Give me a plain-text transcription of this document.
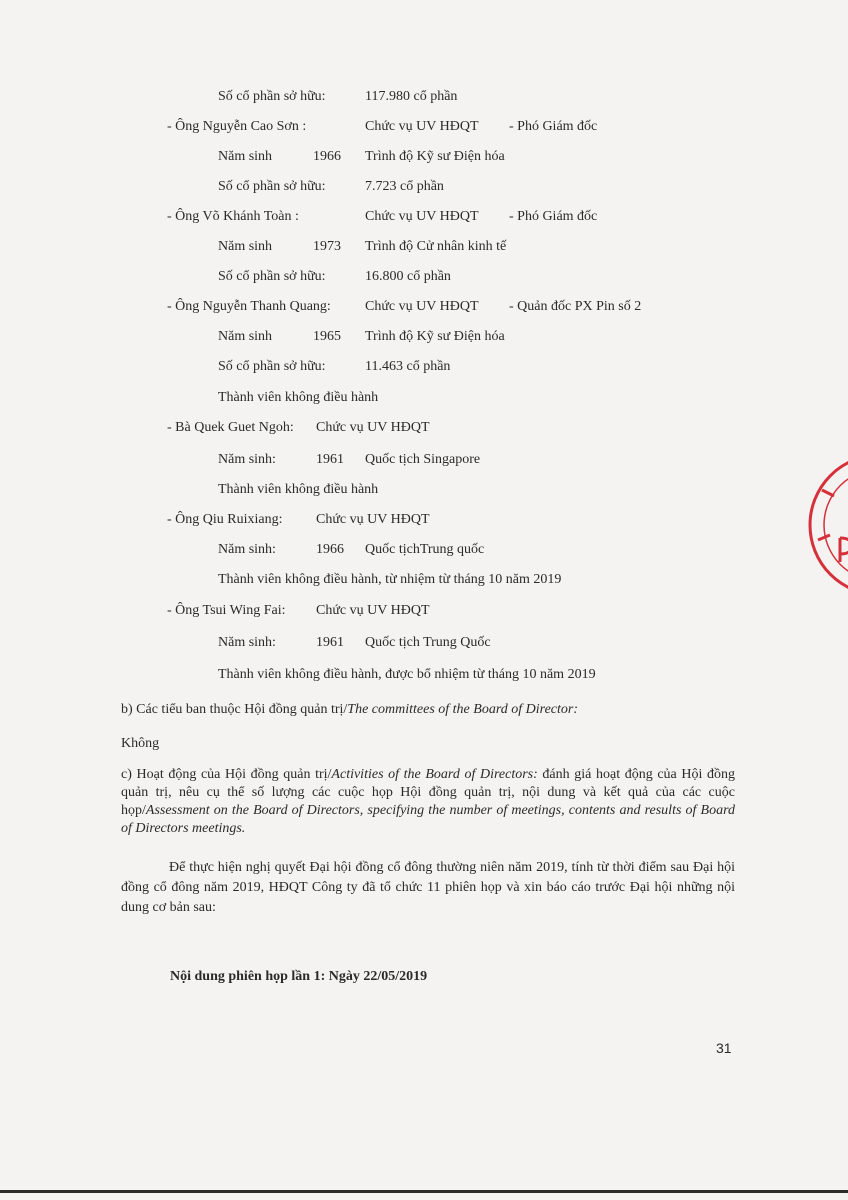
Số cổ phần sở hữu:	117.980 cổ phần
- Ông Nguyễn Cao Sơn :	Chức vụ UV HĐQT - Phó Giám đốc
Năm sinh	1966 Trình độ Kỹ sư Điện hóa
Số cổ phần sở hữu:	7.723 cổ phần
- Ông Võ Khánh Toàn :	Chức vụ UV HĐQT - Phó Giám đốc
Năm sinh	1973 Trình độ Cử nhân kinh tế
Số cổ phần sở hữu:	16.800 cổ phần
- Ông Nguyễn Thanh Quang: Chức vụ UV HĐQT - Quản đốc PX Pin số 2
Năm sinh	1965 Trình độ Kỹ sư Điện hóa
Số cổ phần sở hữu:	11.463 cổ phần
Thành viên không điều hành
- Bà Quek Guet Ngoh: Chức vụ UV HĐQT
Năm sinh:	1961 Quốc tịch Singapore
Thành viên không điều hành
- Ông Qiu Ruixiang: Chức vụ UV HĐQT
Năm sinh:	1966 Quốc tịchTrung quốc
Thành viên không điều hành, từ nhiệm từ tháng 10 năm 2019
- Ông Tsui Wing Fai: Chức vụ UV HĐQT
Năm sinh:	1961 Quốc tịch Trung Quốc
Thành viên không điều hành, được bổ nhiệm từ tháng 10 năm 2019
b) Các tiểu ban thuộc Hội đồng quản trị/The committees of the Board of Director:
Không
c) Hoạt động của Hội đồng quản trị/Activities of the Board of Directors: đánh giá hoạt động của Hội đồng quản trị, nêu cụ thể số lượng các cuộc họp Hội đồng quản trị, nội dung và kết quả của các cuộc họp/Assessment on the Board of Directors, specifying the number of meetings, contents and results of Board of Directors meetings.
Để thực hiện nghị quyết Đại hội đồng cổ đông thường niên năm 2019, tính từ thời điểm sau Đại hội đồng cổ đông năm 2019, HĐQT Công ty đã tổ chức 11 phiên họp và xin báo cáo trước Đại hội những nội dung cơ bản sau:
Nội dung phiên họp lần 1: Ngày 22/05/2019
31
